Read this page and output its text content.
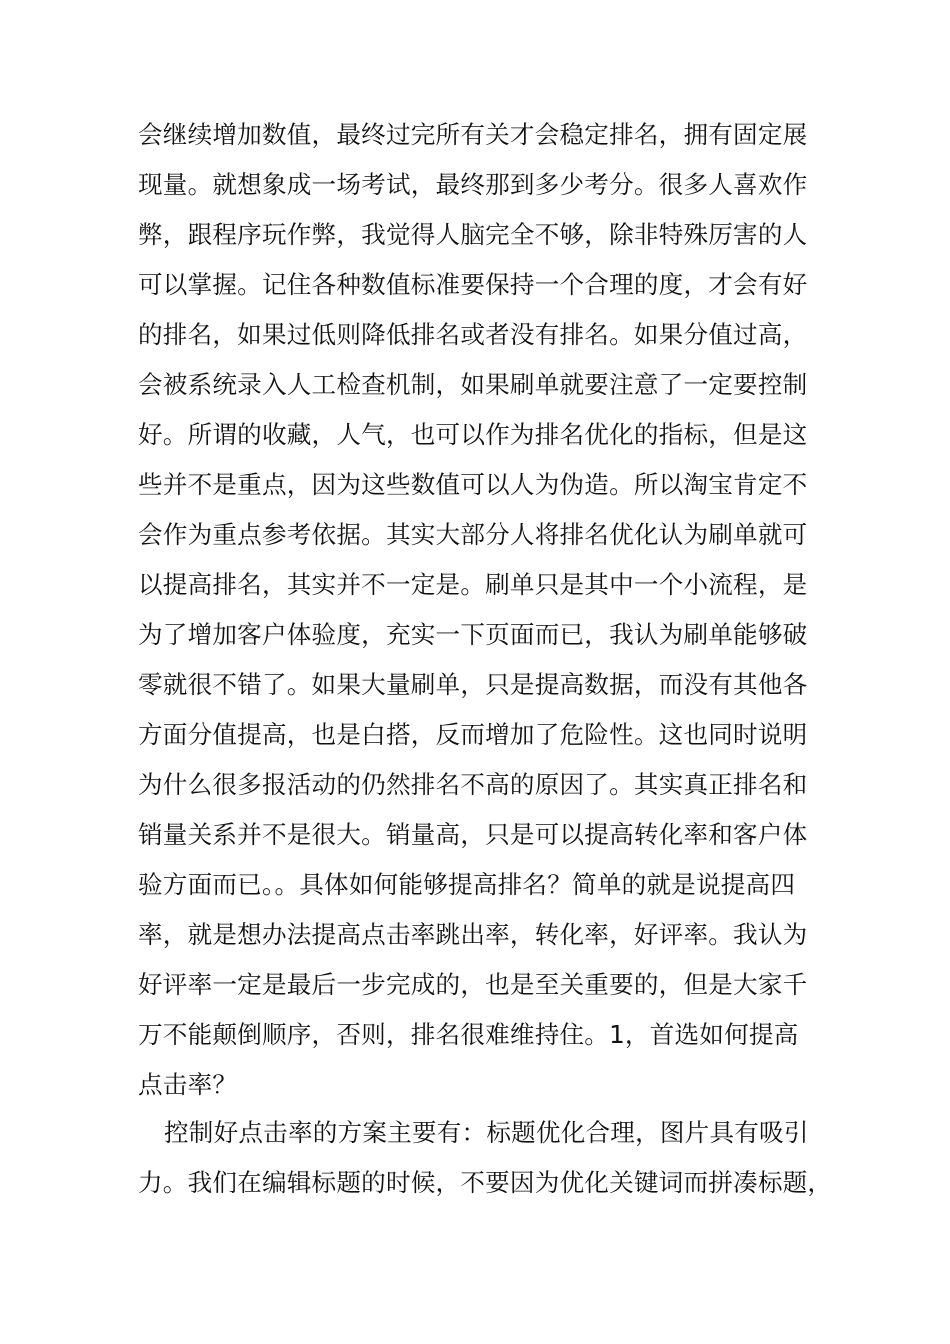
会继续增加数值，最终过完所有关才会稳定排名，拥有固定展
现量。就想象成一场考试，最终那到多少考分。很多人喜欢作
弊，跟程序玩作弊，我觉得人脑完全不够，除非特殊厉害的人
可以掌握。记住各种数值标准要保持一个合理的度，才会有好
的排名，如果过低则降低排名或者没有排名。如果分值过高，
会被系统录入人工检查机制，如果刷单就要注意了一定要控制
好。所谓的收藏，人气，也可以作为排名优化的指标，但是这
些并不是重点，因为这些数值可以人为伪造。所以淘宝肯定不
会作为重点参考依据。其实大部分人将排名优化认为刷单就可
以提高排名，其实并不一定是。刷单只是其中一个小流程，是
为了增加客户体验度，充实一下页面而已，我认为刷单能够破
零就很不错了。如果大量刷单，只是提高数据，而没有其他各
方面分值提高，也是白搭，反而增加了危险性。这也同时说明
为什么很多报活动的仍然排名不高的原因了。其实真正排名和
销量关系并不是很大。销量高，只是可以提高转化率和客户体
验方面而已。。具体如何能够提高排名？简单的就是说提高四
率，就是想办法提高点击率跳出率，转化率，好评率。我认为
好评率一定是最后一步完成的，也是至关重要的，但是大家千
万不能颠倒顺序，否则，排名很难维持住。1，首选如何提高
点击率？
控制好点击率的方案主要有：标题优化合理，图片具有吸引
力。我们在编辑标题的时候，不要因为优化关键词而拼凑标题，
